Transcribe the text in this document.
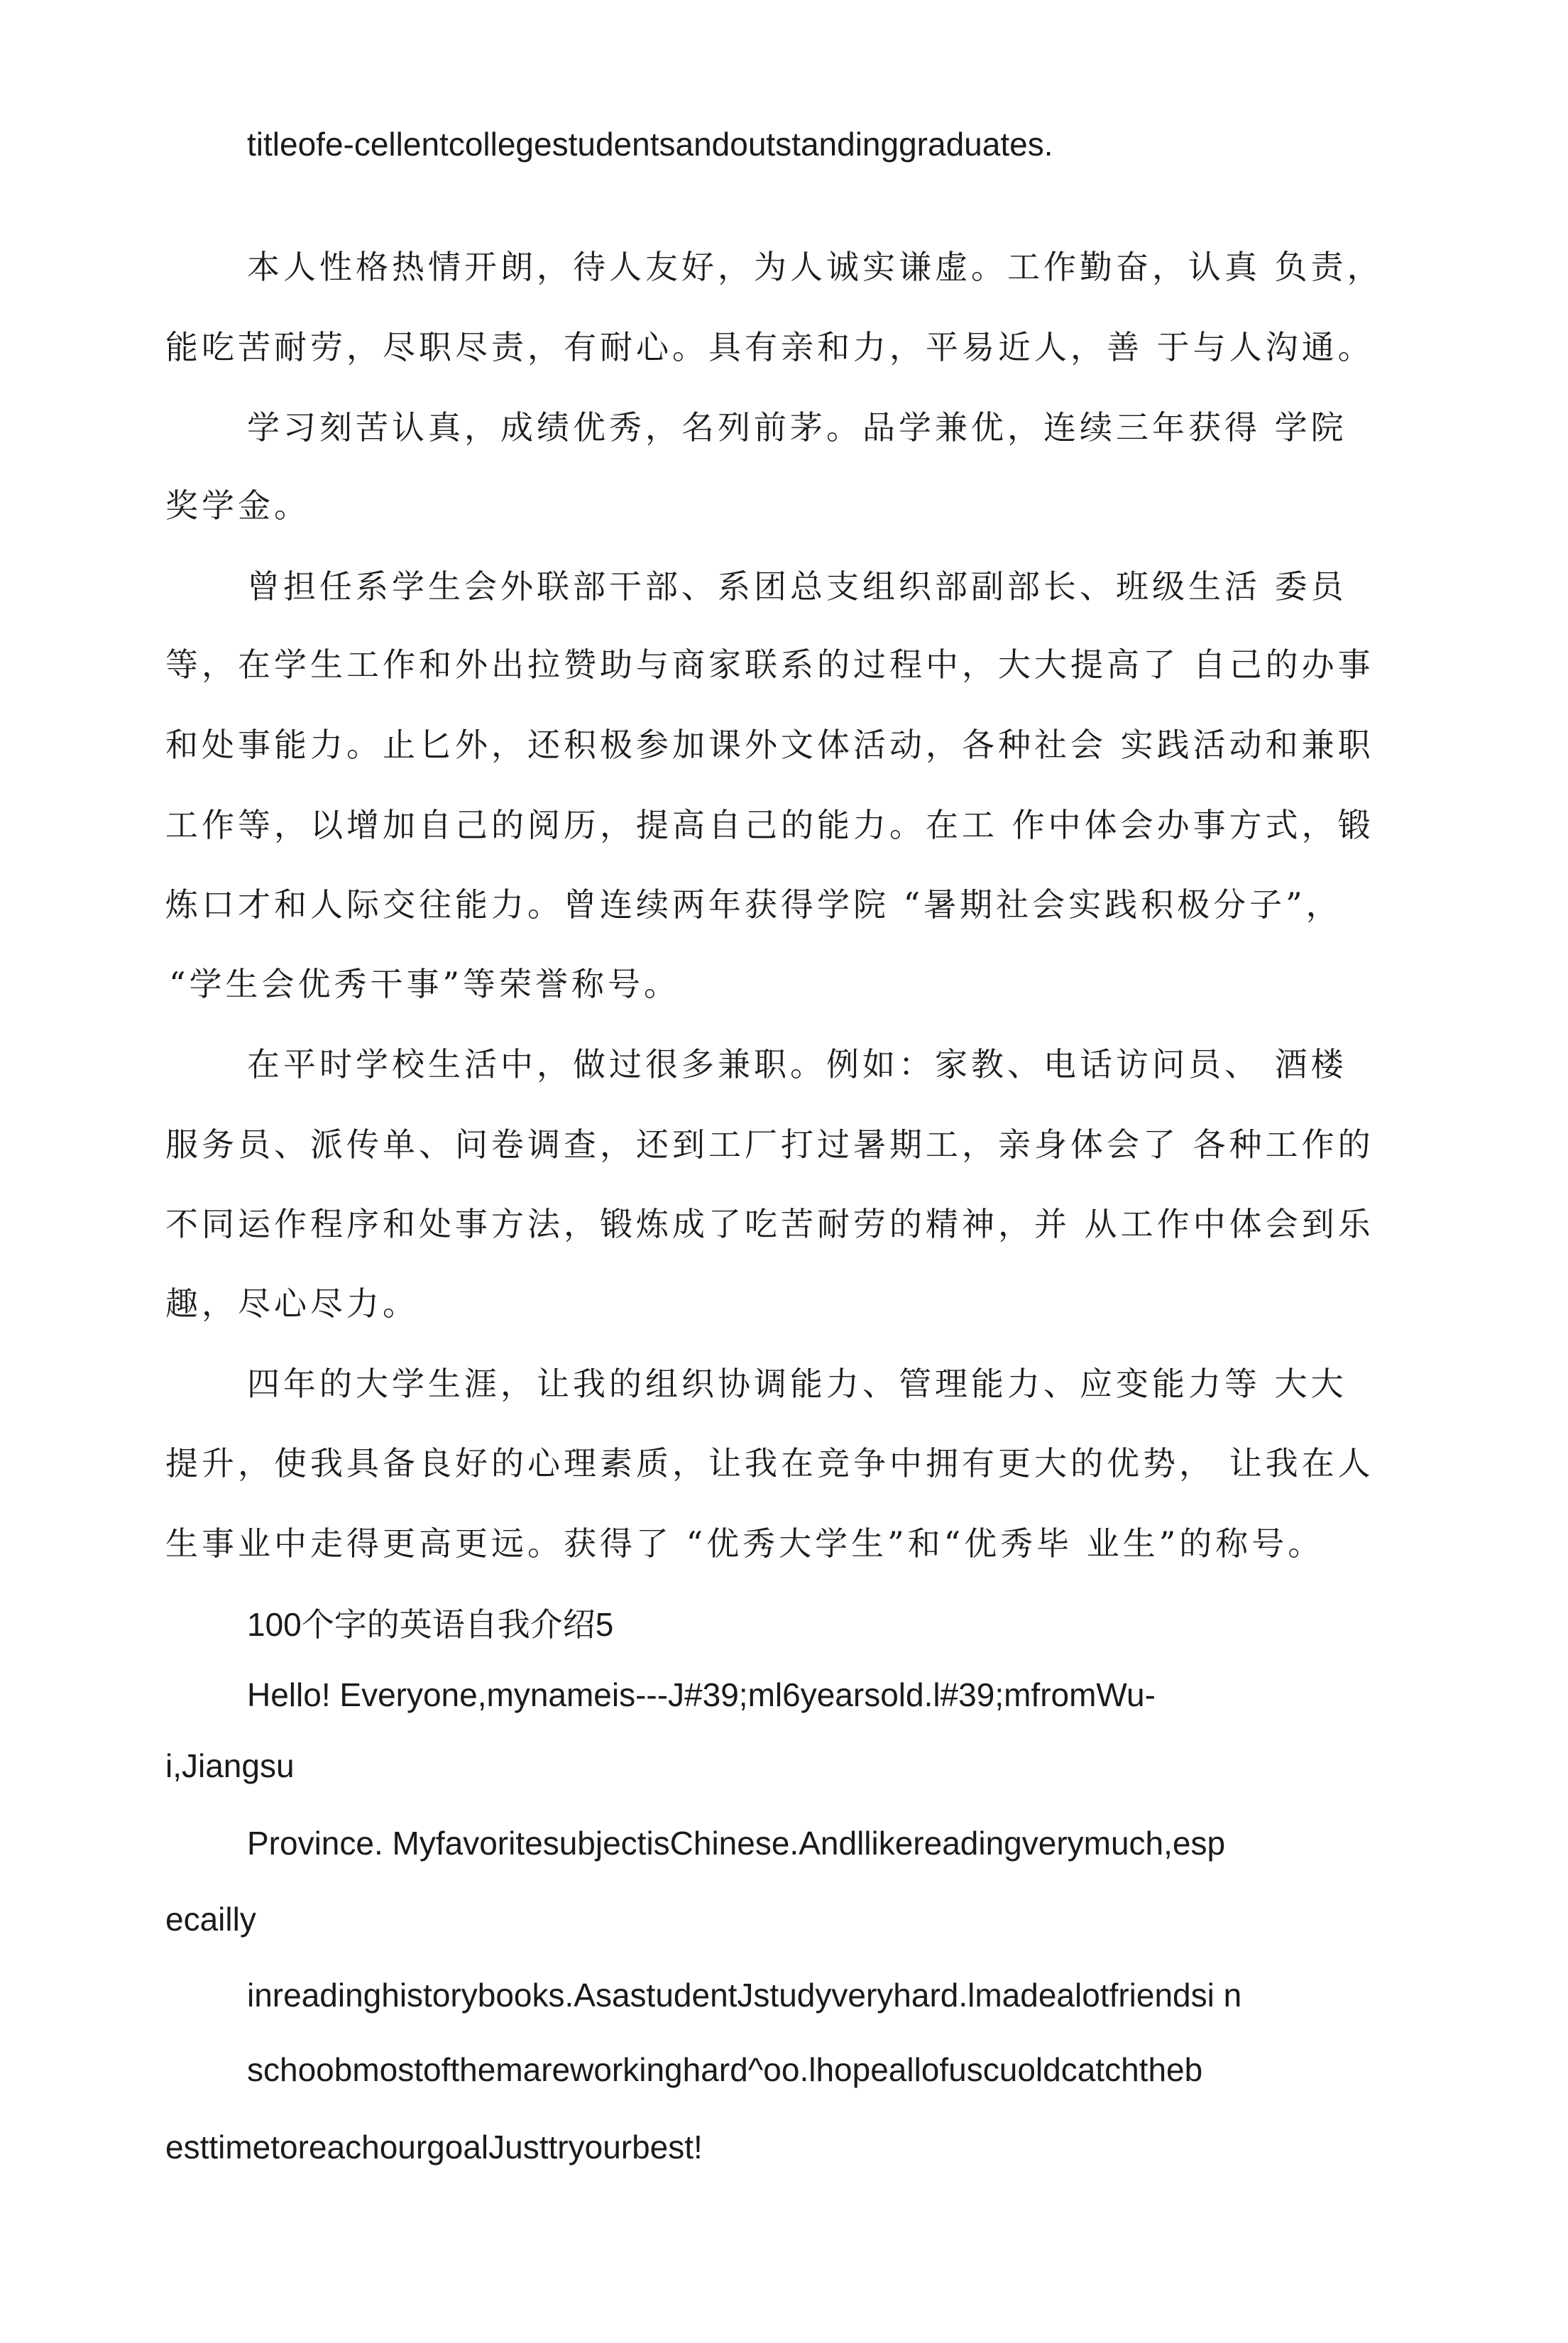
titleofe-cellentcollegestudentsandoutstandinggraduates.

本人性格热情开朗，待人友好，为人诚实谦虚。工作勤奋，认真 负责，

能吃苦耐劳，尽职尽责，有耐心。具有亲和力，平易近人，善 于与人沟通。

学习刻苦认真，成绩优秀，名列前茅。品学兼优，连续三年获得 学院

奖学金。

曾担任系学生会外联部干部、系团总支组织部副部长、班级生活 委员

等，在学生工作和外出拉赞助与商家联系的过程中，大大提高了 自己的办事

和处事能力。止匕外，还积极参加课外文体活动，各种社会 实践活动和兼职

工作等，以增加自己的阅历，提高自己的能力。在工 作中体会办事方式，锻

炼口才和人际交往能力。曾连续两年获得学院 “暑期社会实践积极分子”，

“学生会优秀干事”等荣誉称号。

在平时学校生活中，做过很多兼职。例如：家教、电话访问员、 酒楼

服务员、派传单、问卷调查，还到工厂打过暑期工，亲身体会了 各种工作的

不同运作程序和处事方法，锻炼成了吃苦耐劳的精神，并 从工作中体会到乐

趣，尽心尽力。

四年的大学生涯，让我的组织协调能力、管理能力、应变能力等 大大

提升，使我具备良好的心理素质，让我在竞争中拥有更大的优势， 让我在人

生事业中走得更高更远。获得了 “优秀大学生”和“优秀毕 业生”的称号。

100个字的英语自我介绍5

Hello! Everyone,mynameis---J#39;ml6yearsold.l#39;mfromWu-

i,Jiangsu

Province. MyfavoritesubjectisChinese.Andllikereadingverymuch,esp

ecailly

inreadinghistorybooks.AsastudentJstudyveryhard.lmadealotfriendsi n

schoobmostofthemareworkinghard^oo.lhopeallofuscuoldcatchtheb

esttimetoreachourgoalJusttryourbest!
